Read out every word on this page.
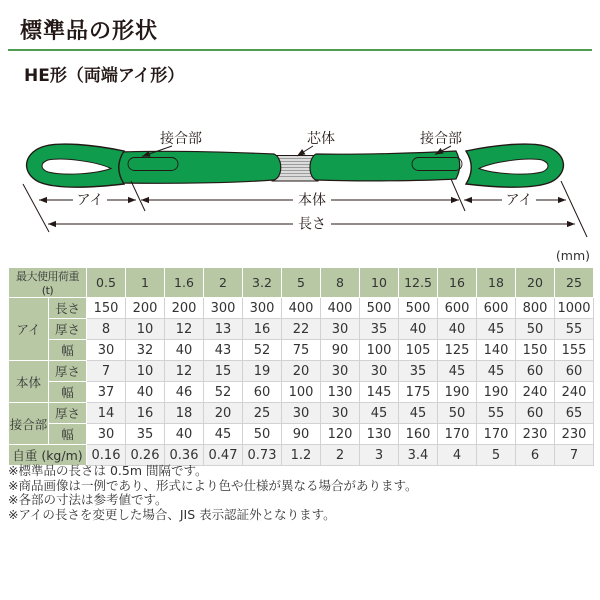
標準品の形状
HE形（両端アイ形）
接合部	芯体	接合部
アイ	本体	アイ
長さ
(mm)
最大使用荷重 (t)		0.5	1	1.6	2	3.2	5	8	10	12.5	16	18	20	25
アイ	長さ	150	200	200	300	300	400	400	500	500	600	600	800	1000
	厚さ	8	10	12	13	16	22	30	35	40	40	45	50	55
	幅	30	32	40	43	52	75	90	100	105	125	140	150	155
本体	厚さ	7	10	12	15	19	20	30	30	35	45	45	60	60
	幅	37	40	46	52	60	100	130	145	175	190	190	240	240
接合部	厚さ	14	16	18	20	25	30	30	45	45	50	55	60	65
	幅	30	35	40	45	50	90	120	130	160	170	170	230	230
自重 (kg/m)		0.16	0.26	0.36	0.47	0.73	1.2	2	3	3.4	4	5	6	7
※標準品の長さは 0.5m 間隔です。
※商品画像は一例であり、形式により色や仕様が異なる場合があります。
※各部の寸法は参考値です。
※アイの長さを変更した場合、JIS 表示認証外となります。
